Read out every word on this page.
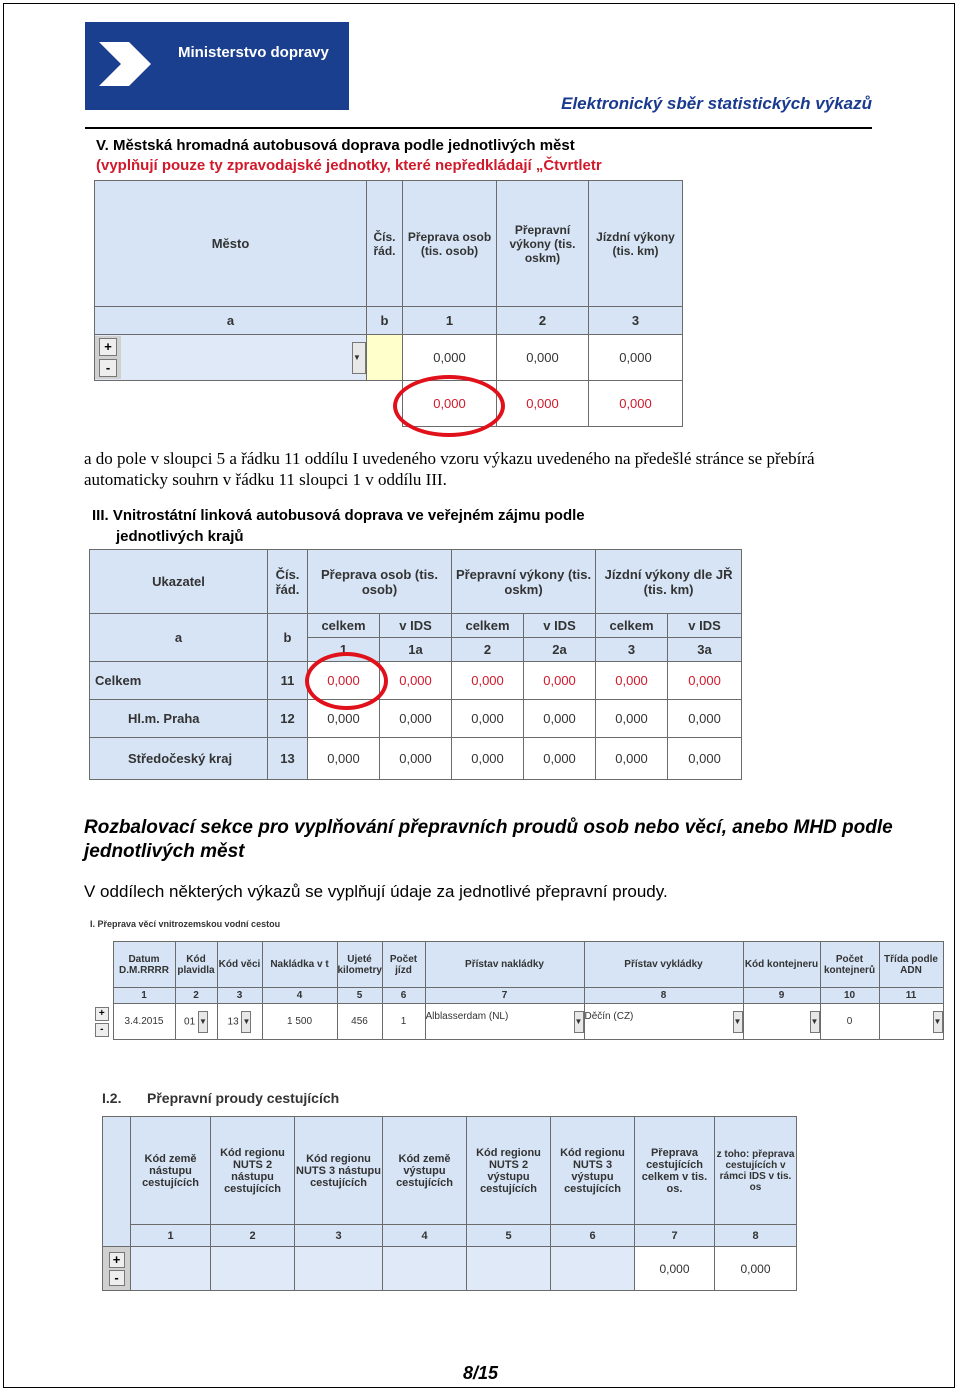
Ministerstvo dopravy
Elektronický sběr statistických výkazů
V. Městská hromadná autobusová doprava podle jednotlivých měst
(vyplňují pouze ty zpravodajské jednotky, které nepředkládají „Čtvrtletr
Město	Čís. řád.	Přeprava osob (tis. osob)	Přepravní výkony (tis. oskm)	Jízdní výkony (tis. km)
a	b	1	2	3

+
-
▼		0,000	0,000	0,000
		0,000	0,000	0,000
a do pole v sloupci 5 a řádku 11 oddílu I uvedeného vzoru výkazu uvedeného na předešlé stránce se přebírá automaticky souhrn v řádku 11 sloupci 1 v oddílu III.
III. Vnitrostátní linková autobusová doprava ve veřejném zájmu podle
jednotlivých krajů
Ukazatel	Čís. řád.	Přeprava osob (tis. osob)		Přepravní výkony (tis. oskm)		Jízdní výkony dle JŘ (tis. km)	
a	b	celkem	v IDS	celkem	v IDS	celkem	v IDS
		1	1a	2	2a	3	3a
Celkem	11	0,000	0,000	0,000	0,000	0,000	0,000
Hl.m. Praha	12	0,000	0,000	0,000	0,000	0,000	0,000
Středočeský kraj	13	0,000	0,000	0,000	0,000	0,000	0,000
Rozbalovací sekce pro vyplňování přepravních proudů osob nebo věcí, anebo MHD podle jednotlivých měst
V oddílech některých výkazů se vyplňují údaje za jednotlivé přepravní proudy.
I. Přeprava věcí vnitrozemskou vodní cestou
	Datum D.M.RRRR	Kód plavidla	Kód věci	Nakládka v t	Ujeté kilometry	Počet jízd	Přístav nakládky	Přístav vykládky	Kód kontejneru	Počet kontejnerů	Třída podle ADN
	1	2	3	4	5	6	7	8	9	10	11

+
-	3.4.2015	01 ▼	13 ▼	1 500	456	1	Alblasserdam (NL) ▼	Děčín (CZ) ▼	▼	0	▼
I.2. Přepravní proudy cestujících
	Kód země nástupu cestujících	Kód regionu NUTS 2 nástupu cestujících	Kód regionu NUTS 3 nástupu cestujících	Kód země výstupu cestujících	Kód regionu NUTS 2 výstupu cestujících	Kód regionu NUTS 3 výstupu cestujících	Přeprava cestujících celkem v tis. os.	z toho: přeprava cestujících v rámci IDS v tis. os
	1	2	3	4	5	6	7	8

+
-							0,000	0,000
8/15
